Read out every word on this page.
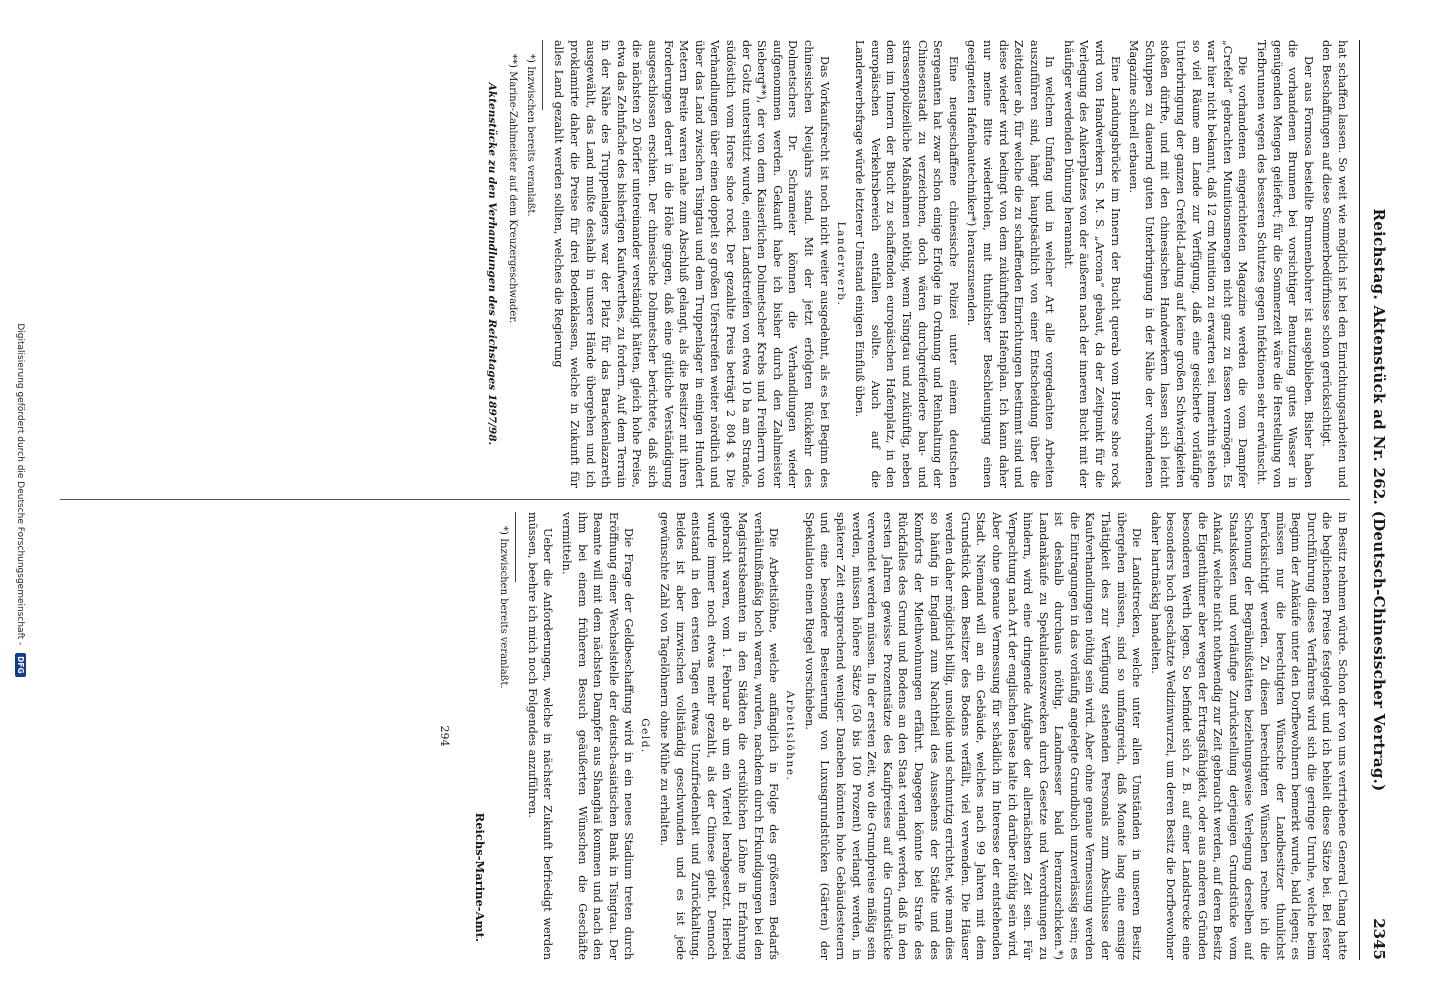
Reichstag. Aktenstück ad Nr. 262. (Deutsch-Chinesischer Vertrag.)
2345

hat schaffen lassen. So weit wie möglich ist bei den Einrichtungsarbeiten und den Beschaffungen auf diese Sommerbedürfnisse schon gerücksichtigt.

Der aus Formosa bestellte Brunnenbohrer ist ausgeblieben. Bisher haben die vorhandenen Brunnen bei vorsichtiger Benutzung gutes Wasser in genügenden Mengen geliefert; für die Sommerzeit wäre die Herstellung von Tiefbrunnen wegen des besseren Schutzes gegen Infektionen sehr erwünscht.

Die vorhandenen eingerichteten Magazine werden die vom Dampfer „Crefeld“ gebrachten Munitionsmengen nicht ganz zu fassen vermögen. Es war hier nicht bekannt, daß 12 cm Munition zu erwarten sei. Immerhin stehen so viel Räume am Lande zur Verfügung, daß eine gesicherte vorläufige Unterbringung der ganzen Crefeld-Ladung auf keine großen Schwierigkeiten stoßen dürfte, und mit den chinesischen Handwerkern lassen sich leicht Schuppen zu dauernd guten Unterbringung in der Nähe der vorhandenen Magazine schnell erbauen.

Eine Landungsbrücke im Innern der Bucht querab vom Horse shoe rock wird von Handwerkern S. M. S. „Arcona“ gebaut, da der Zeitpunkt für die Verlegung des Ankerplatzes von der äußeren nach der inneren Bucht mit der häufiger werdenden Dünung herannaht.

In welchem Umfang und in welcher Art alle vorgedachten Arbeiten auszuführen sind, hängt hauptsächlich von einer Entscheidung über die Zeitdauer ab, für welche die zu schaffenden Einrichtungen bestimmt sind und diese wieder wird bedingt von dem zukünftigen Hafenplan. Ich kann daher nur meine Bitte wiederholen, mit thunlichster Beschleunigung einen geeigneten Hafenbautechniker*) herauszusenden.

Eine neugeschaffene chinesische Polizei unter einem deutschen Sergeanten hat zwar schon einige Erfolge in Ordnung und Reinhaltung der Chinesenstadt zu verzeichnen, doch wären durchgreifendere bau- und strassenpolizeiliche Maßnahmen nöthig, wenn Tsingtau und zukünftig, neben dem im Innern der Bucht zu schaffenden europäischen Hafenplatz, in den europäischen Verkehrsbereich entfallen sollte. Auch auf die Landerwerbsfrage würde letzterer Umstand einigen Einfluß üben.

Landerwerb.

Das Vorkaufsrecht ist noch nicht weiter ausgedehnt, als es bei Beginn des chinesischen Neujahrs stand. Mit der jetzt erfolgten Rückkehr des Dolmetschers Dr. Schrameier können die Verhandlungen wieder aufgenommen werden. Gekauft habe ich bisher durch den Zahlmeister Sieberg**), der von dem Kaiserlichen Dolmetscher Krebs und Freiherrn von der Goltz unterstützt wurde, einen Landstreifen von etwa 10 ha am Strande, südöstlich vom Horse shoe rock. Der gezahlte Preis beträgt 2 804 $. Die Verhandlungen über einen doppelt so großen Uferstreifen weiter nördlich und über das Land zwischen Tsingtau und dem Truppenlager in einigen Hundert Metern Breite waren nahe zum Abschluß gelangt, als die Besitzer mit ihren Forderungen derart in die Höhe gingen, daß eine gütliche Verständigung ausgeschlossen erschien. Der chinesische Dolmetscher berichtete, daß sich die nächsten 20 Dörfer untereinander verständigt hätten, gleich hohe Preise, etwa das Zehnfache des bisherigen Kaufwerthes, zu fordern. Auf dem Terrain in der Nähe des Truppenlagers war der Platz für das Barackenlazareth ausgewählt, das Land mußte deshalb in unsere Hände übergehen und ich proklamirte daher die Preise für drei Bodenklassen, welche in Zukunft für alles Land gezahlt werden sollten, welches die Regierung

*) Inzwischen bereits veranlaßt.
**) Marine-Zahlmeister auf dem Kreuzergeschwader.
Aktenstücke zu den Verhandlungen des Reichstages 1897/98.

in Besitz nehmen würde. Schon der von uns vertriebene General Chang hatte die beglichenen Preise festgelegt und ich behielt diese Sätze bei. Bei fester Durchführung dieses Verfahrens wird sich die geringe Unruhe, welche beim Beginn der Ankäufe unter den Dorfbewohnern bemerkt wurde, bald legen; es müssen nur die berechtigten Wünsche der Landbesitzer thunlichst berücksichtigt werden. Zu diesen berechtigten Wünschen rechne ich die Schonung der Begräbnißstätten beziehungsweise Verlegung derselben auf Staatskosten und vorläufige Zurückstellung derjenigen Grundstücke vom Ankauf, welche nicht nothwendig zur Zeit gebraucht werden, auf deren Besitz die Eigenthümer aber wegen der Ertragsfähigkeit, oder aus anderen Gründen besonderen Werth legen. So befindet sich z. B. auf einer Landstrecke eine besonders hoch geschätzte Wedizinwurzel, um deren Besitz die Dorfbewohner daher hartnäckig handelten.

Die Landstrecken, welche unter allen Umständen in unseren Besitz übergehen müssen, sind so umfangreich, daß Monate lang eine emsige Thätigkeit des zur Verfügung stehenden Personals zum Abschlusse der Kaufverhandlungen nöthig sein wird. Aber ohne genaue Vermessung werden die Eintragungen in das vorläufig angelegte Grundbuch unzuverlässig sein; es ist deshalb durchaus nöthig, Landmesser bald heranzuschicken.*) Landankäufe zu Spekulationszwecken durch Gesetze und Verordnungen zu hindern, wird eine dringende Aufgabe der allernächsten Zeit sein. Für Verpachtung nach Art der englischen lease halte ich darüber nöthig sein wird. Aber ohne genaue Vermessung für schädlich im Interesse der entstehenden Stadt. Niemand will an ein Gebäude, welches nach 99 Jahren mit dem Grundstück dem Besitzer des Bodens verfällt, viel verwenden. Die Häuser werden daher möglichst billig, unsolide und schmutzig errichtet, wie man dies so häufig in England zum Nachtheil des Aussehens der Städte und des Komforts der Miethwohnungen erfährt. Dagegen könnte bei Strafe des Rückfalles des Grund und Bodens an den Staat verlangt werden, daß in den ersten Jahren gewisse Prozentsätze des Kaufpreises auf die Grundstücke verwendet werden müssen. In der ersten Zeit, wo die Grundpreise mäßig sein werden, müssen höhere Sätze (50 bis 100 Prozent) verlangt werden, in späterer Zeit entsprechend weniger. Daneben könnten hohe Gebäudesteuern und eine besondere Besteuerung von Luxusgrundstücken (Gärten) der Spekulation einen Riegel vorschieben.

Arbeitslöhne.

Die Arbeitslöhne, welche anfänglich in Folge des größeren Bedarfs verhältnißmäßig hoch waren, wurden, nachdem durch Erkundigungen bei den Magistratsbeamten in den Städten die ortsüblichen Löhne in Erfahrung gebracht waren, vom 1. Februar ab um ein Viertel herabgesetzt. Hierbei wurde immer noch etwas mehr gezahlt, als der Chinese giebt. Dennoch entstand in den ersten Tagen etwas Unzufriedenheit und Zurückhaltung. Beides ist aber inzwischen vollständig geschwunden und es ist jede gewünschte Zahl von Tagelöhnern ohne Mühe zu erhalten.

Geld.

Die Frage der Geldbeschaffung wird in ein neues Stadium treten durch Eröffnung einer Wechselstelle der deutsch-asiatischen Bank in Tsingtau. Der Beamte will mit dem nächsten Dampfer aus Shanghai kommen und nach den ihm bei einem früheren Besuch geäußerten Wünschen die Geschäfte vermitteln.

Ueber die Anforderungen, welche in nächster Zukunft befriedigt werden müssen, beehre ich mich noch Folgendes anzuführen.

*) Inzwischen bereits veranlaßt.
Reichs-Marine-Amt.
294
Digitalisierung gefördert durch die Deutsche Forschungsgemeinschaft - DFG
